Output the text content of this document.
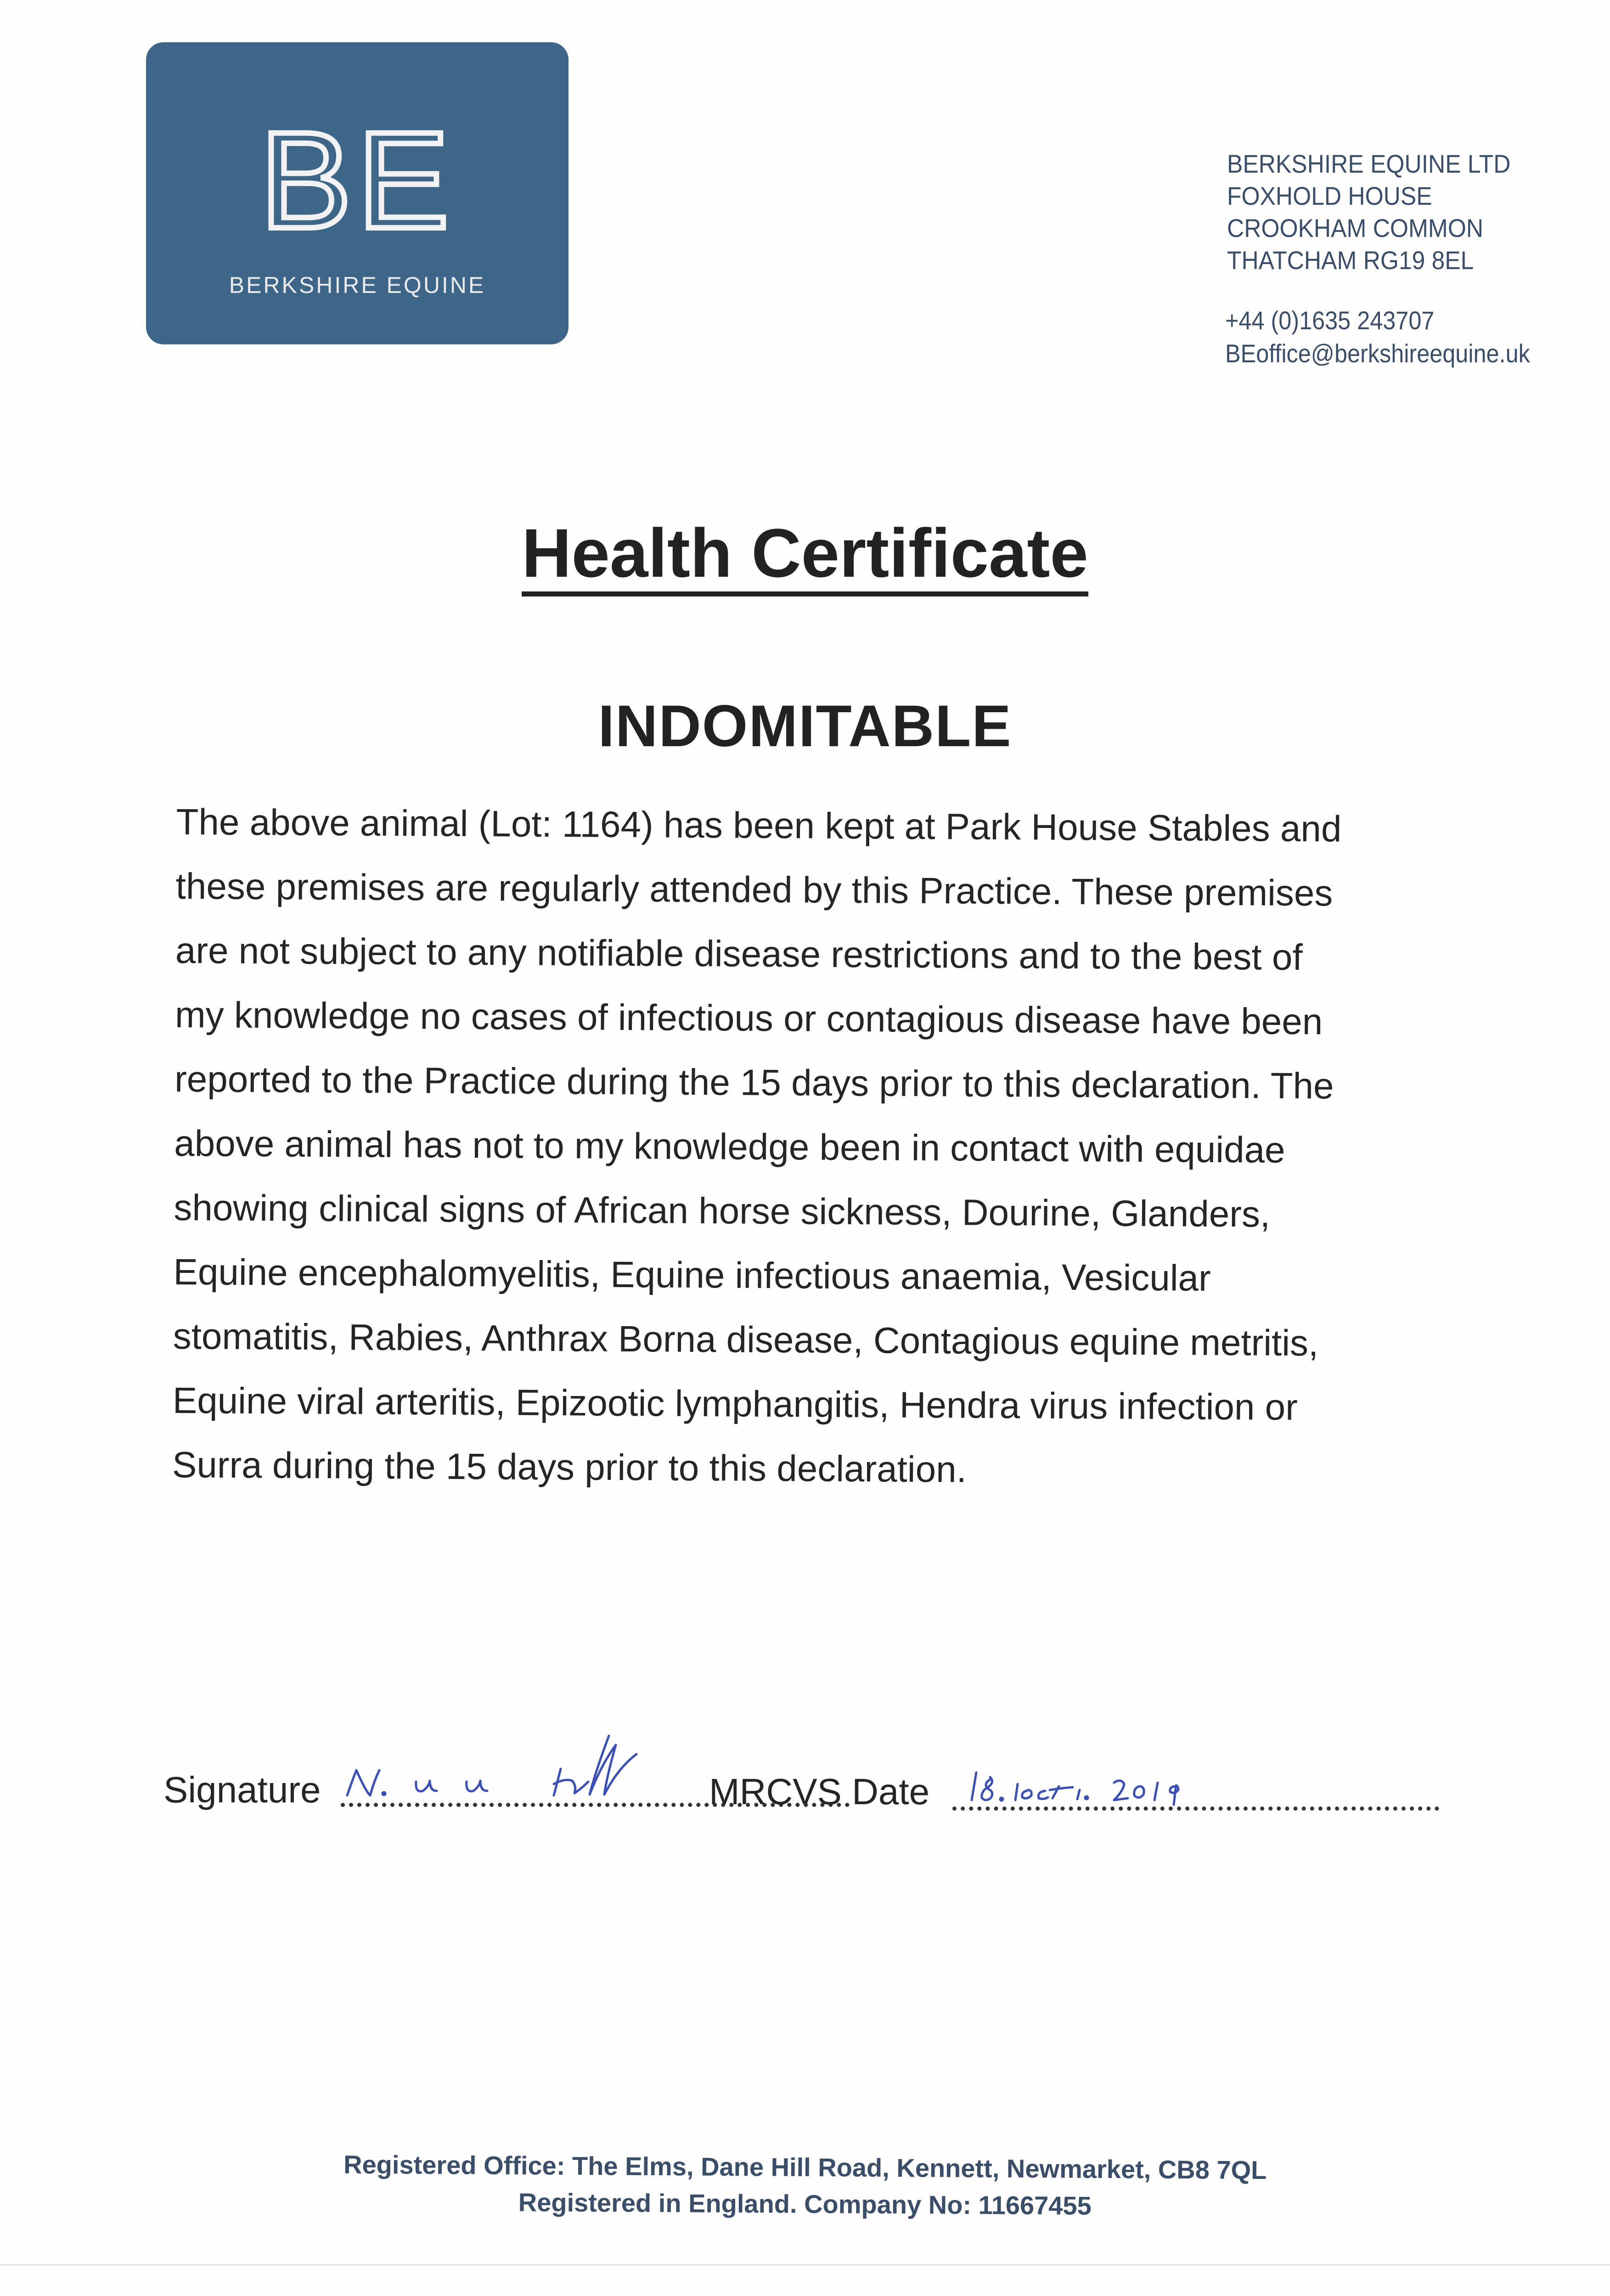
BE
BERKSHIRE EQUINE
BERKSHIRE EQUINE LTD
FOXHOLD HOUSE
CROOKHAM COMMON
THATCHAM RG19 8EL
+44 (0)1635 243707
BEoffice@berkshireequine.uk
Health Certificate
INDOMITABLE
The above animal (Lot: 1164) has been kept at Park House Stables and
these premises are regularly attended by this Practice. These premises
are not subject to any notifiable disease restrictions and to the best of
my knowledge no cases of infectious or contagious disease have been
reported to the Practice during the 15 days prior to this declaration. The
above animal has not to my knowledge been in contact with equidae
showing clinical signs of African horse sickness, Dourine, Glanders,
Equine encephalomyelitis, Equine infectious anaemia, Vesicular
stomatitis, Rabies, Anthrax Borna disease, Contagious equine metritis,
Equine viral arteritis, Epizootic lymphangitis, Hendra virus infection or
Surra during the 15 days prior to this declaration.
Signature	MRCVS Date
Registered Office: The Elms, Dane Hill Road, Kennett, Newmarket, CB8 7QL
Registered in England. Company No: 11667455
